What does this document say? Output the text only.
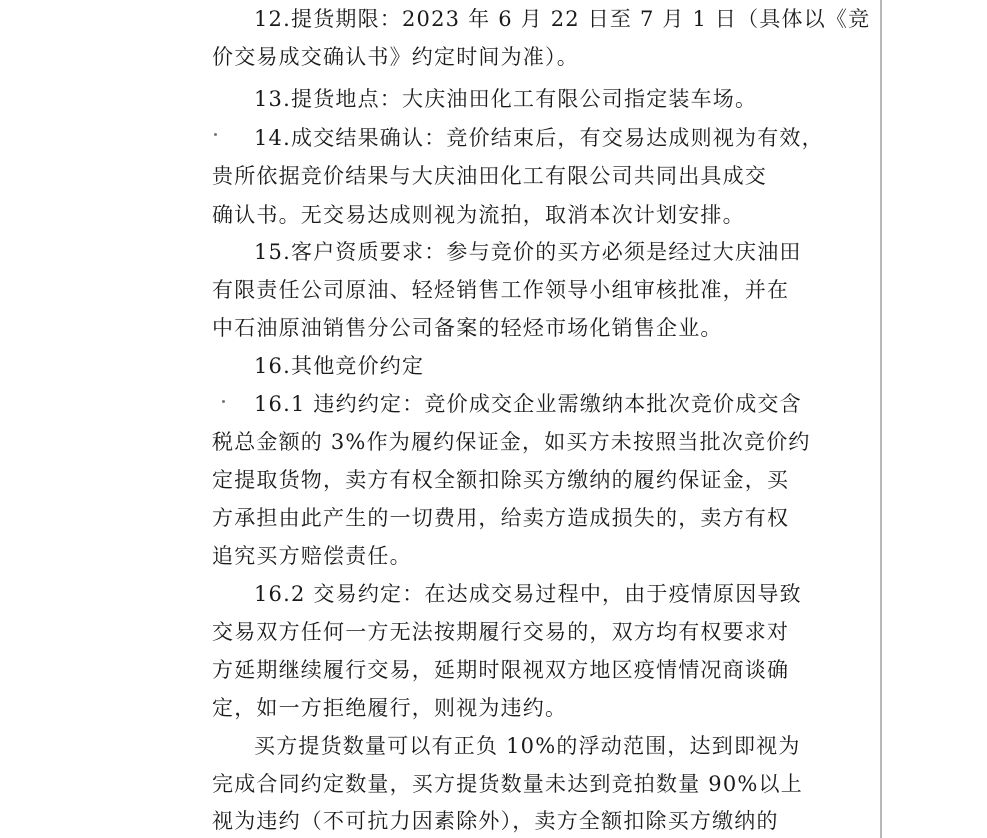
12.提货期限：2023 年 6 月 22 日至 7 月 1 日（具体以《竞
价交易成交确认书》约定时间为准）。
13.提货地点：大庆油田化工有限公司指定装车场。
14.成交结果确认：竞价结束后，有交易达成则视为有效，
贵所依据竞价结果与大庆油田化工有限公司共同出具成交
确认书。无交易达成则视为流拍，取消本次计划安排。
15.客户资质要求：参与竞价的买方必须是经过大庆油田
有限责任公司原油、轻烃销售工作领导小组审核批准，并在
中石油原油销售分公司备案的轻烃市场化销售企业。
16.其他竞价约定
16.1 违约约定：竞价成交企业需缴纳本批次竞价成交含
税总金额的 3%作为履约保证金，如买方未按照当批次竞价约
定提取货物，卖方有权全额扣除买方缴纳的履约保证金，买
方承担由此产生的一切费用，给卖方造成损失的，卖方有权
追究买方赔偿责任。
16.2 交易约定：在达成交易过程中，由于疫情原因导致
交易双方任何一方无法按期履行交易的，双方均有权要求对
方延期继续履行交易，延期时限视双方地区疫情情况商谈确
定，如一方拒绝履行，则视为违约。
买方提货数量可以有正负 10%的浮动范围，达到即视为
完成合同约定数量，买方提货数量未达到竞拍数量 90%以上
视为违约（不可抗力因素除外），卖方全额扣除买方缴纳的
